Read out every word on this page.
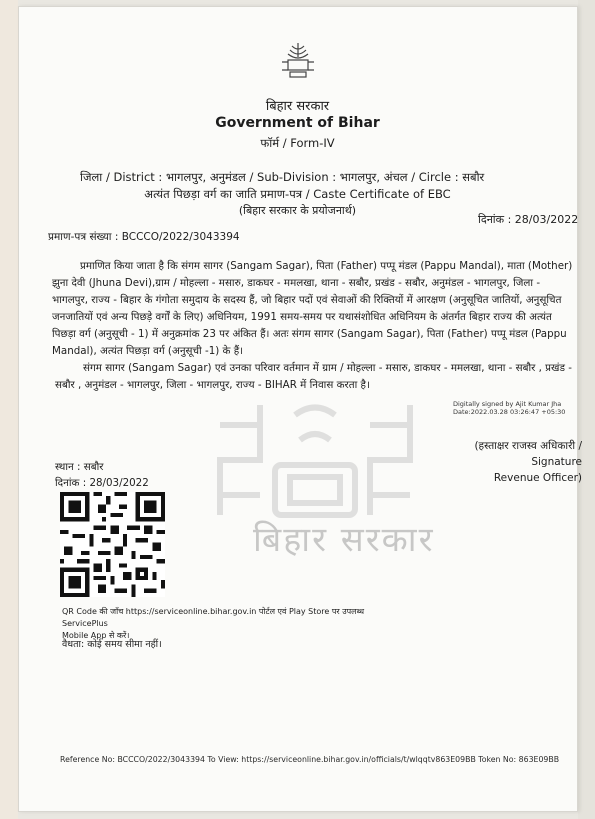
बिहार सरकार
बिहार सरकार
Government of Bihar
फॉर्म / Form-IV
जिला / District : भागलपुर, अनुमंडल / Sub-Division : भागलपुर, अंचल / Circle : सबौर
अत्यंत पिछड़ा वर्ग का जाति प्रमाण-पत्र / Caste Certificate of EBC
(बिहार सरकार के प्रयोजनार्थ)
दिनांक : 28/03/2022
प्रमाण-पत्र संख्या : BCCCO/2022/3043394
प्रमाणित किया जाता है कि संगम सागर (Sangam Sagar), पिता (Father) पप्पू मंडल (Pappu Mandal), माता (Mother) झुना देवी (Jhuna Devi),ग्राम / मोहल्ला - मसारु, डाकघर - ममलखा, थाना - सबौर, प्रखंड - सबौर, अनुमंडल - भागलपुर, जिला - भागलपुर, राज्य - बिहार के गंगोता समुदाय के सदस्य हैं, जो बिहार पदों एवं सेवाओं की रिक्तियों में आरक्षण (अनुसूचित जातियों, अनुसूचित जनजातियों एवं अन्य पिछड़े वर्गों के लिए) अधिनियम, 1991 समय-समय पर यथासंशोधित अधिनियम के अंतर्गत बिहार राज्य की अत्यंत पिछड़ा वर्ग (अनुसूची - 1) में अनुक्रमांक 23 पर अंकित हैं। अतः संगम सागर (Sangam Sagar), पिता (Father) पप्पू मंडल (Pappu Mandal), अत्यंत पिछड़ा वर्ग (अनुसूची -1) के हैं।
संगम सागर (Sangam Sagar) एवं उनका परिवार वर्तमान में ग्राम / मोहल्ला - मसारु, डाकघर - ममलखा, थाना - सबौर , प्रखंड - सबौर , अनुमंडल - भागलपुर, जिला - भागलपुर, राज्य - BIHAR में निवास करता है।
Digitally signed by Ajit Kumar Jha
Date:2022.03.28 03:26:47 +05:30
(हस्ताक्षर राजस्व अधिकारी / Signature
Revenue Officer)
स्थान : सबौर
दिनांक : 28/03/2022
QR Code की जाँच https://serviceonline.bihar.gov.in पोर्टल एवं Play Store पर उपलब्ध ServicePlus
Mobile App से करें।
वैधता: कोई समय सीमा नहीं।
Reference No: BCCCO/2022/3043394 To View: https://serviceonline.bihar.gov.in/officials/t/wlqqtv863E09BB Token No: 863E09BB
